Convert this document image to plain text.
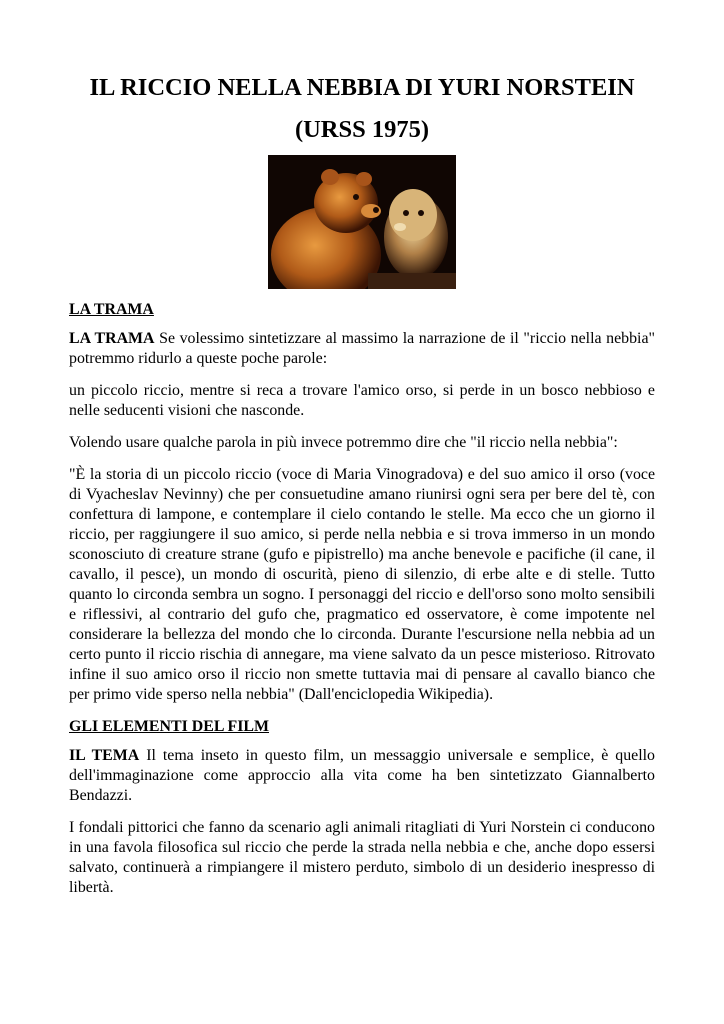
IL RICCIO NELLA NEBBIA DI YURI NORSTEIN
(URSS 1975)
LA TRAMA

LA TRAMA Se volessimo sintetizzare al massimo la narrazione de il "riccio nella nebbia" potremmo ridurlo a queste poche parole:

un piccolo riccio, mentre si reca a trovare l'amico orso, si perde in un bosco nebbioso e nelle seducenti visioni che nasconde.

Volendo usare qualche parola in più invece potremmo dire che "il riccio nella nebbia":

"È la storia di un piccolo riccio (voce di Maria Vinogradova) e del suo amico il orso (voce di Vyacheslav Nevinny) che per consuetudine amano riunirsi ogni sera per bere del tè, con confettura di lampone, e contemplare il cielo contando le stelle. Ma ecco che un giorno il riccio, per raggiungere il suo amico, si perde nella nebbia e si trova immerso in un mondo sconosciuto di creature strane (gufo e pipistrello) ma anche benevole e pacifiche (il cane, il cavallo, il pesce), un mondo di oscurità, pieno di silenzio, di erbe alte e di stelle. Tutto quanto lo circonda sembra un sogno. I personaggi del riccio e dell'orso sono molto sensibili e riflessivi, al contrario del gufo che, pragmatico ed osservatore, è come impotente nel considerare la bellezza del mondo che lo circonda. Durante l'escursione nella nebbia ad un certo punto il riccio rischia di annegare, ma viene salvato da un pesce misterioso. Ritrovato infine il suo amico orso il riccio non smette tuttavia mai di pensare al cavallo bianco che per primo vide sperso nella nebbia" (Dall'enciclopedia Wikipedia).

GLI ELEMENTI DEL FILM

IL TEMA Il tema inseto in questo film, un messaggio universale e semplice, è quello dell'immaginazione come approccio alla vita come ha ben sintetizzato Giannalberto Bendazzi.

I fondali pittorici che fanno da scenario agli animali ritagliati di Yuri Norstein ci conducono in una favola filosofica sul riccio che perde la strada nella nebbia e che, anche dopo essersi salvato, continuerà a rimpiangere il mistero perduto, simbolo di un desiderio inespresso di libertà.
